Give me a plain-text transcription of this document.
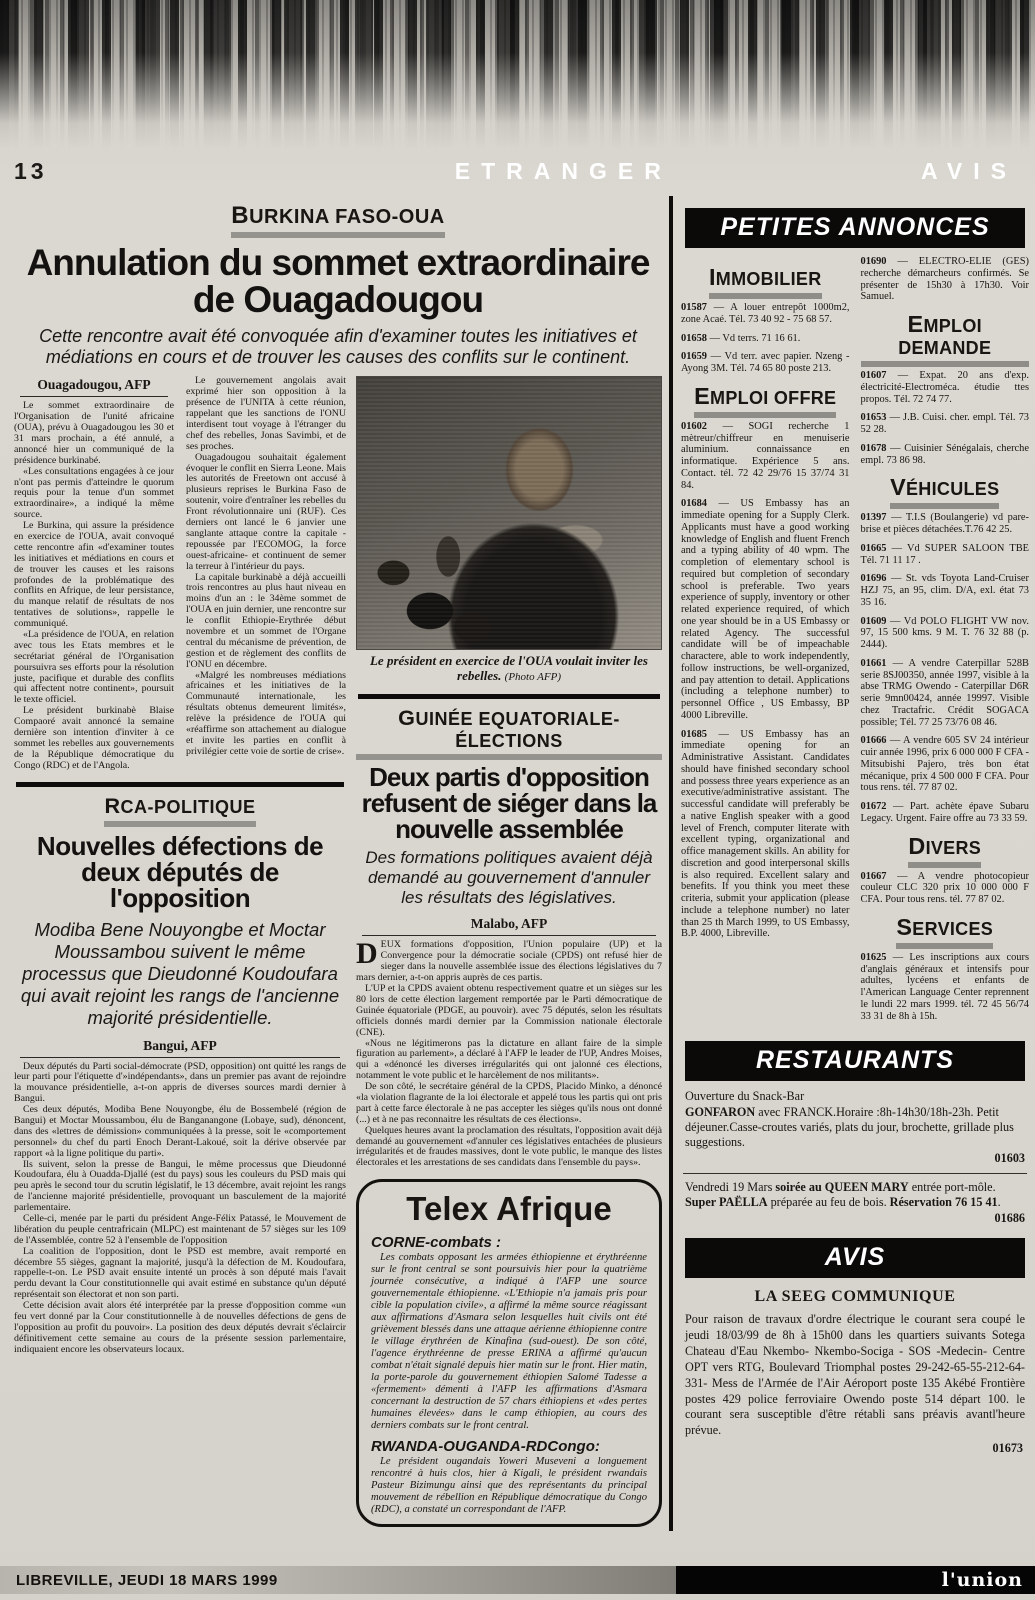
13	ETRANGER	AVIS
BURKINA FASO-OUA
Annulation du sommet extraordinaire de Ouagadougou

Cette rencontre avait été convoquée afin d'examiner toutes les initiatives et médiations en cours et de trouver les causes des conflits sur le continent.

Ouagadougou, AFP

Le sommet extraordinaire de l'Organisation de l'unité africaine (OUA), prévu à Ouagadougou les 30 et 31 mars prochain, a été annulé, a annoncé hier un communiqué de la présidence burkinabé.

«Les consultations engagées à ce jour n'ont pas permis d'atteindre le quorum requis pour la tenue d'un sommet extraordinaire», a indiqué la même source.

Le Burkina, qui assure la présidence en exercice de l'OUA, avait convoqué cette rencontre afin «d'examiner toutes les initiatives et médiations en cours et de trouver les causes et les raisons profondes de la problématique des conflits en Afrique, de leur persistance, du manque relatif de résultats de nos tentatives de solutions», rappelle le communiqué.

«La présidence de l'OUA, en relation avec tous les Etats membres et le secrétariat général de l'Organisation poursuivra ses efforts pour la résolution juste, pacifique et durable des conflits qui affectent notre continent», poursuit le texte officiel.

Le président burkinabè Blaise Compaoré avait annoncé la semaine dernière son intention d'inviter à ce sommet les rebelles aux gouvernements de la République démocratique du Congo (RDC) et de l'Angola.

Le gouvernement angolais avait exprimé hier son opposition à la présence de l'UNITA à cette réunion, rappelant que les sanctions de l'ONU interdisent tout voyage à l'étranger du chef des rebelles, Jonas Savimbi, et de ses proches.

Ouagadougou souhaitait également évoquer le conflit en Sierra Leone. Mais les autorités de Freetown ont accusé à plusieurs reprises le Burkina Faso de soutenir, voire d'entraîner les rebelles du Front révolutionnaire uni (RUF). Ces derniers ont lancé le 6 janvier une sanglante attaque contre la capitale -repoussée par l'ECOMOG, la force ouest-africaine- et continuent de semer la terreur à l'intérieur du pays.

La capitale burkinabè a déjà accueilli trois rencontres au plus haut niveau en moins d'un an : le 34ème sommet de l'OUA en juin dernier, une rencontre sur le conflit Ethiopie-Erythrée début novembre et un sommet de l'Organe central du mécanisme de prévention, de gestion et de règlement des conflits de l'ONU en décembre.

«Malgré les nombreuses médiations africaines et les initiatives de la Communauté internationale, les résultats obtenus demeurent limités», relève la présidence de l'OUA qui «réaffirme son attachement au dialogue et invite les parties en conflit à privilégier cette voie de sortie de crise».

RCA-POLITIQUE
Nouvelles défections de deux députés de l'opposition

Modiba Bene Nouyongbe et Moctar Moussambou suivent le même processus que Dieudonné Koudoufara qui avait rejoint les rangs de l'ancienne majorité présidentielle.

Bangui, AFP

Deux députés du Parti social-démocrate (PSD, opposition) ont quitté les rangs de leur parti pour l'étiquette d'»indépendants», dans un premier pas avant de rejoindre la mouvance présidentielle, a-t-on appris de diverses sources mardi dernier à Bangui.

Ces deux députés, Modiba Bene Nouyongbe, élu de Bossembelé (région de Bangui) et Moctar Moussambou, élu de Banganangone (Lobaye, sud), dénoncent, dans des «lettres de démission» communiquées à la presse, soit le «comportement personnel» du chef du parti Enoch Derant-Lakoué, soit la dérive observée par rapport «à la ligne politique du parti».

Ils suivent, selon la presse de Bangui, le même processus que Dieudonné Koudoufara, élu à Ouadda-Djallé (est du pays) sous les couleurs du PSD mais qui peu après le second tour du scrutin législatif, le 13 décembre, avait rejoint les rangs de l'ancienne majorité présidentielle, provoquant un basculement de la majorité parlementaire.

Celle-ci, menée par le parti du président Ange-Félix Patassé, le Mouvement de libération du peuple centrafricain (MLPC) est maintenant de 57 sièges sur les 109 de l'Assemblée, contre 52 à l'ensemble de l'opposition

La coalition de l'opposition, dont le PSD est membre, avait remporté en décembre 55 sièges, gagnant la majorité, jusqu'à la défection de M. Koudoufara, rappelle-t-on. Le PSD avait ensuite intenté un procès à son député mais l'avait perdu devant la Cour constitutionnelle qui avait estimé en substance qu'un député représentait son électorat et non son parti.

Cette décision avait alors été interprétée par la presse d'opposition comme «un feu vert donné par la Cour constitutionnelle à de nouvelles défections de gens de l'opposition au profit du pouvoir». La position des deux députés devrait s'éclaircir définitivement cette semaine au cours de la présente session parlementaire, indiquaient encore les observateurs locaux.

Le président en exercice de l'OUA voulait inviter les rebelles. (Photo AFP)
GUINÉE EQUATORIALE-ÉLECTIONS
Deux partis d'opposition refusent de siéger dans la nouvelle assemblée

Des formations politiques avaient déjà demandé au gouvernement d'annuler les résultats des législatives.

Malabo, AFP

DEUX formations d'opposition, l'Union populaire (UP) et la Convergence pour la démocratie sociale (CPDS) ont refusé hier de sieger dans la nouvelle assemblée issue des élections législatives du 7 mars dernier, a-t-on appris auprès de ces partis.

L'UP et la CPDS avaient obtenu respectivement quatre et un sièges sur les 80 lors de cette élection largement remportée par le Parti démocratique de Guinée équatoriale (PDGE, au pouvoir). avec 75 députés, selon les résultats officiels donnés mardi dernier par la Commission nationale électorale (CNE).

«Nous ne légitimerons pas la dictature en allant faire de la simple figuration au parlement», a déclaré à l'AFP le leader de l'UP, Andres Moises, qui a «dénoncé les diverses irrégularités qui ont jalonné ces élections, notamment le vote public et le harcèlement de nos militants».

De son côté, le secrétaire général de la CPDS, Placido Minko, a dénoncé «la violation flagrante de la loi électorale et appelé tous les partis qui ont pris part à cette farce électorale à ne pas accepter les sièges qu'ils nous ont donné (...) et à ne pas reconnaitre les résultats de ces élections».

Quelques heures avant la proclamation des résultats, l'opposition avait déjà demandé au gouvernement «d'annuler ces législatives entachées de plusieurs irrégularités et de fraudes massives, dont le vote public, le manque des listes électorales et les arrestations de ses candidats dans l'ensemble du pays».

Telex Afrique
CORNE-combats :

Les combats opposant les armées éthiopienne et érythréenne sur le front central se sont poursuivis hier pour la quatrième journée consécutive, a indiqué à l'AFP une source gouvernementale éthiopienne. «L'Ethiopie n'a jamais pris pour cible la population civile», a affirmé la même source réagissant aux affirmations d'Asmara selon lesquelles huit civils ont été grièvement blessés dans une attaque aérienne éthiopienne contre le village érythréen de Kinafina (sud-ouest). De son côté, l'agence érythréenne de presse ERINA a affirmé qu'aucun combat n'était signalé depuis hier matin sur le front. Hier matin, la porte-parole du gouvernement éthiopien Salomé Tadesse a «fermement» démenti à l'AFP les affirmations d'Asmara concernant la destruction de 57 chars éthiopiens et «des pertes humaines élevées» dans le camp éthiopien, au cours des derniers combats sur le front central.

RWANDA-OUGANDA-RDCongo:

Le président ougandais Yoweri Museveni a longuement rencontré à huis clos, hier à Kigali, le président rwandais Pasteur Bizimungu ainsi que des représentants du principal mouvement de rébellion en République démocratique du Congo (RDC), a constaté un correspondant de l'AFP.

PETITES ANNONCES
IMMOBILIER

01587 — A louer entrepôt 1000m2, zone Acaé. Tél. 73 40 92 - 75 68 57.

01658 — Vd terrs. 71 16 61.

01659 — Vd terr. avec papier. Nzeng -Ayong 3M. Tél. 74 65 80 poste 213.

EMPLOI OFFRE

01602 — SOGI recherche 1 mètreur/chiffreur en menuiserie aluminium. connaissance en informatique. Expérience 5 ans. Contact. tél. 72 42 29/76 15 37/74 31 84.

01684 — US Embassy has an immediate opening for a Supply Clerk. Applicants must have a good working knowledge of English and fluent French and a typing ability of 40 wpm. The completion of elementary school is required but completion of secondary school is preferable. Two years experience of supply, inventory or other related experience required, of which one year should be in a US Embassy or related Agency. The successful candidate will be of impeachable charactere, able to work independently, follow instructions, be well-organized, and pay attention to detail. Applications (including a telephone number) to personnel Office , US Embassy, BP 4000 Libreville.

01685 — US Embassy has an immediate opening for an Administrative Assistant. Candidates should have finished secondary school and possess three years experience as an executive/administrative assistant. The successful candidate will preferably be a native English speaker with a good level of French, computer literate with excellent typing, organizational and office management skills. An ability for discretion and good interpersonal skills is also required. Excellent salary and benefits. If you think you meet these criteria, submit your application (please include a telephone number) no later than 25 th March 1999, to US Embassy, B.P. 4000, Libreville.

01690 — ELECTRO-ELIE (GES) recherche démarcheurs confirmés. Se présenter de 15h30 à 17h30. Voir Samuel.

EMPLOI DEMANDE

01607 — Expat. 20 ans d'exp. électricité-Electroméca. étudie ttes propos. Tél. 72 74 77.

01653 — J.B. Cuisi. cher. empl. Tél. 73 52 28.

01678 — Cuisinier Sénégalais, cherche empl. 73 86 98.

VÉHICULES

01397 — T.I.S (Boulangerie) vd pare-brise et pièces détachées.T.76 42 25.

01665 — Vd SUPER SALOON TBE Tél. 71 11 17 .

01696 — St. vds Toyota Land-Cruiser HZJ 75, an 95, clim. D/A, exl. état 73 35 16.

01609 — Vd POLO FLIGHT VW nov. 97, 15 500 kms. 9 M. T. 76 32 88 (p. 2444).

01661 — A vendre Caterpillar 528B serie 8SJ00350, année 1997, visible à la abse TRMG Owendo - Caterpillar D6R serie 9mn00424, année 19997. Visible chez Tractafric. Crédit SOGACA possible; Tél. 77 25 73/76 08 46.

01666 — A vendre 605 SV 24 intérieur cuir année 1996, prix 6 000 000 F CFA - Mitsubishi Pajero, très bon état mécanique, prix 4 500 000 F CFA. Pour tous rens. tél. 77 87 02.

01672 — Part. achète épave Subaru Legacy. Urgent. Faire offre au 73 33 59.

DIVERS

01667 — A vendre photocopieur couleur CLC 320 prix 10 000 000 F CFA. Pour tous rens. tél. 77 87 02.

SERVICES

01625 — Les inscriptions aux cours d'anglais généraux et intensifs pour adultes, lycéens et enfants de l'American Language Center reprennent le lundi 22 mars 1999. tél. 72 45 56/74 33 31 de 8h à 15h.

RESTAURANTS

Ouverture du Snack-Bar

GONFARON avec FRANCK.Horaire :8h-14h30/18h-23h. Petit déjeuner.Casse-croutes variés, plats du jour, brochette, grillade plus suggestions.

01603

Vendredi 19 Mars soirée au QUEEN MARY entrée port-môle.

Super PAËLLA préparée au feu de bois. Réservation 76 15 41.

01686
AVIS
LA SEEG COMMUNIQUE

Pour raison de travaux d'ordre électrique le courant sera coupé le jeudi 18/03/99 de 8h à 15h00 dans les quartiers suivants Sotega Chateau d'Eau Nkembo- Nkembo-Sociga - SOS -Medecin- Centre OPT vers RTG, Boulevard Triomphal postes 29-242-65-55-212-64-331- Mess de l'Armée de l'Air Aéroport poste 135 Akébé Frontière postes 429 police ferroviaire Owendo poste 514 départ 100. le courant sera susceptible d'être rétabli sans préavis avantl'heure prévue.

01673
LIBREVILLE, JEUDI 18 MARS 1999	l'union
